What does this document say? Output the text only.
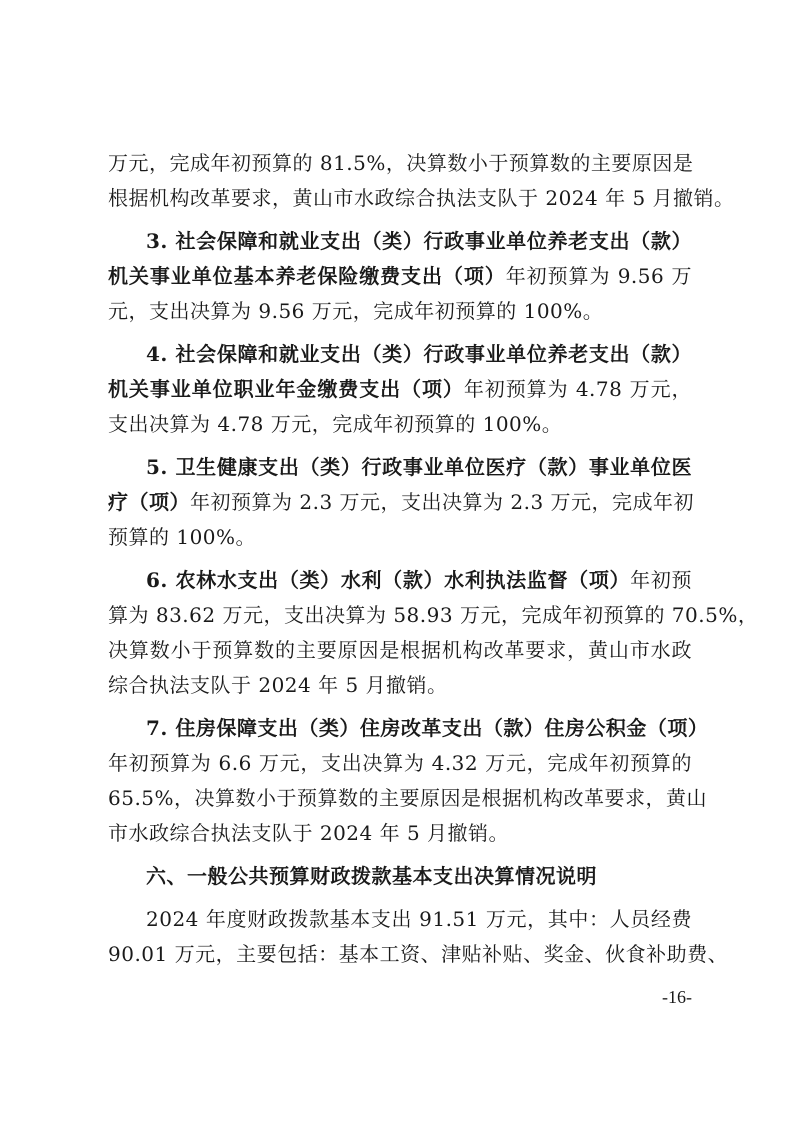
万元，完成年初预算的 81.5%，决算数小于预算数的主要原因是
根据机构改革要求，黄山市水政综合执法支队于 2024 年 5 月撤销。
3. 社会保障和就业支出（类）行政事业单位养老支出（款）
机关事业单位基本养老保险缴费支出（项）年初预算为 9.56 万
元，支出决算为 9.56 万元，完成年初预算的 100%。
4. 社会保障和就业支出（类）行政事业单位养老支出（款）
机关事业单位职业年金缴费支出（项）年初预算为 4.78 万元，
支出决算为 4.78 万元，完成年初预算的 100%。
5. 卫生健康支出（类）行政事业单位医疗（款）事业单位医
疗（项）年初预算为 2.3 万元，支出决算为 2.3 万元，完成年初
预算的 100%。
6. 农林水支出（类）水利（款）水利执法监督（项）年初预
算为 83.62 万元，支出决算为 58.93 万元，完成年初预算的 70.5%，
决算数小于预算数的主要原因是根据机构改革要求，黄山市水政
综合执法支队于 2024 年 5 月撤销。
7. 住房保障支出（类）住房改革支出（款）住房公积金（项）
年初预算为 6.6 万元，支出决算为 4.32 万元，完成年初预算的
65.5%，决算数小于预算数的主要原因是根据机构改革要求，黄山
市水政综合执法支队于 2024 年 5 月撤销。
六、一般公共预算财政拨款基本支出决算情况说明
2024 年度财政拨款基本支出 91.51 万元，其中：人员经费
90.01 万元，主要包括：基本工资、津贴补贴、奖金、伙食补助费、
-16-
